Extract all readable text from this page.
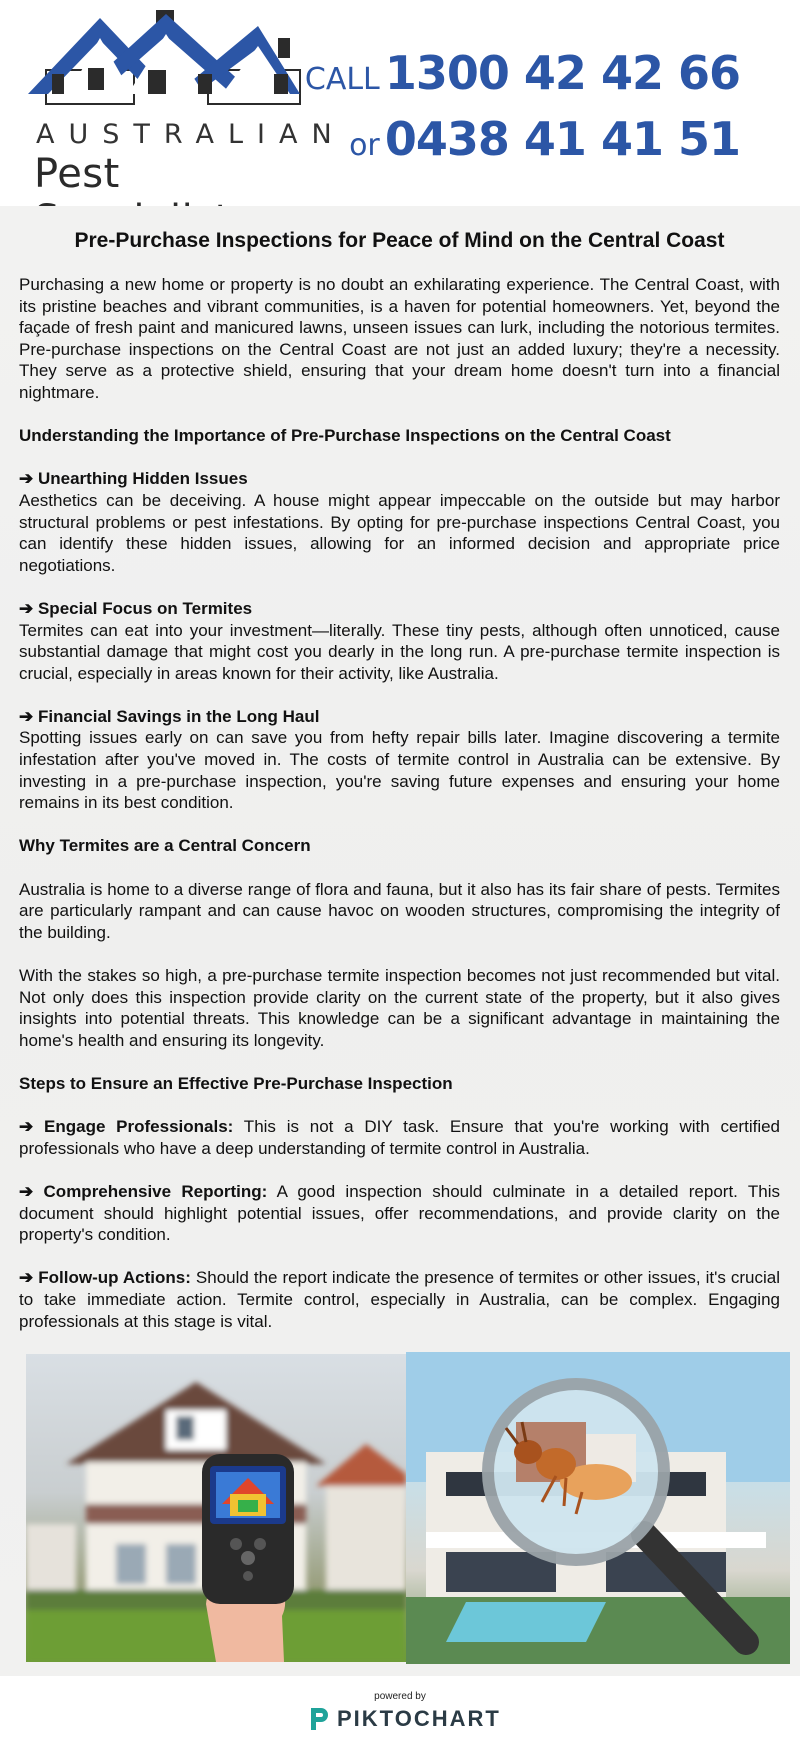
AUSTRALIAN
Pest
CALL 1300 42 42 66
or 0438 41 41 51
Pre-Purchase Inspections for Peace of Mind on the Central Coast
Purchasing a new home or property is no doubt an exhilarating experience. The Central Coast, with its pristine beaches and vibrant communities, is a haven for potential homeowners. Yet, beyond the façade of fresh paint and manicured lawns, unseen issues can lurk, including the notorious termites. Pre-purchase inspections on the Central Coast are not just an added luxury; they're a necessity. They serve as a protective shield, ensuring that your dream home doesn't turn into a financial nightmare.
Understanding the Importance of Pre-Purchase Inspections on the Central Coast
➔ Unearthing Hidden Issues
Aesthetics can be deceiving. A house might appear impeccable on the outside but may harbor structural problems or pest infestations. By opting for pre-purchase inspections Central Coast, you can identify these hidden issues, allowing for an informed decision and appropriate price negotiations.
➔ Special Focus on Termites
Termites can eat into your investment—literally. These tiny pests, although often unnoticed, cause substantial damage that might cost you dearly in the long run. A pre-purchase termite inspection is crucial, especially in areas known for their activity, like Australia.
➔ Financial Savings in the Long Haul
Spotting issues early on can save you from hefty repair bills later. Imagine discovering a termite infestation after you've moved in. The costs of termite control in Australia can be extensive. By investing in a pre-purchase inspection, you're saving future expenses and ensuring your home remains in its best condition.
Why Termites are a Central Concern
Australia is home to a diverse range of flora and fauna, but it also has its fair share of pests. Termites are particularly rampant and can cause havoc on wooden structures, compromising the integrity of the building.
With the stakes so high, a pre-purchase termite inspection becomes not just recommended but vital. Not only does this inspection provide clarity on the current state of the property, but it also gives insights into potential threats. This knowledge can be a significant advantage in maintaining the home's health and ensuring its longevity.
Steps to Ensure an Effective Pre-Purchase Inspection
➔ Engage Professionals: This is not a DIY task. Ensure that you're working with certified professionals who have a deep understanding of termite control in Australia.
➔ Comprehensive Reporting: A good inspection should culminate in a detailed report. This document should highlight potential issues, offer recommendations, and provide clarity on the property's condition.
➔ Follow-up Actions: Should the report indicate the presence of termites or other issues, it's crucial to take immediate action. Termite control, especially in Australia, can be complex. Engaging professionals at this stage is vital.
powered by
PIKTOCHART
